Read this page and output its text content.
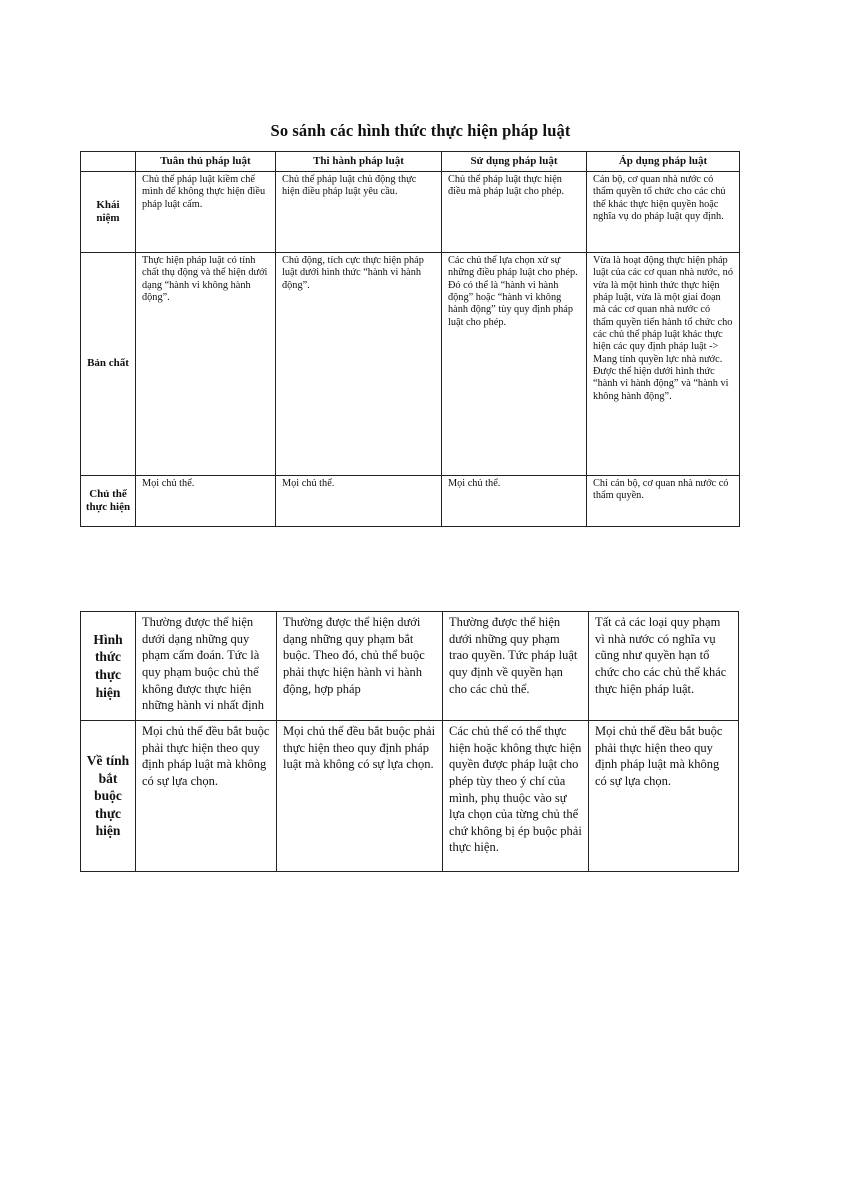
So sánh các hình thức thực hiện pháp luật
	Tuân thủ pháp luật	Thi hành pháp luật	Sử dụng pháp luật	Áp dụng pháp luật
Khái niệm	Chủ thể pháp luật kiềm chế mình để không thực hiện điều pháp luật cấm.	Chủ thể pháp luật chủ động thực hiện điều pháp luật yêu cầu.	Chủ thể pháp luật thực hiện điều mà pháp luật cho phép.	Cán bộ, cơ quan nhà nước có thẩm quyền tổ chức cho các chủ thể khác thực hiện quyền hoặc nghĩa vụ do pháp luật quy định.
Bản chất	Thực hiện pháp luật có tính chất thụ động và thể hiện dưới dạng “hành vi không hành động”.	Chủ động, tích cực thực hiện pháp luật dưới hình thức “hành vi hành động”.	Các chủ thể lựa chọn xử sự những điều pháp luật cho phép. Đó có thể là “hành vi hành động” hoặc “hành vi không hành động” tùy quy định pháp luật cho phép.	Vừa là hoạt động thực hiện pháp luật của các cơ quan nhà nước, nó vừa là một hình thức thực hiện pháp luật, vừa là một giai đoạn mà các cơ quan nhà nước có thẩm quyền tiến hành tổ chức cho các chủ thể pháp luật khác thực hiện các quy định pháp luật -> Mang tính quyền lực nhà nước. Được thể hiện dưới hình thức “hành vi hành động” và “hành vi không hành động”.
Chủ thể thực hiện	Mọi chủ thể.	Mọi chủ thể.	Mọi chủ thể.	Chỉ cán bộ, cơ quan nhà nước có thẩm quyền.
Hình thức thực hiện	Thường được thể hiện dưới dạng những quy phạm cấm đoán. Tức là quy phạm buộc chủ thể không được thực hiện những hành vi nhất định	Thường được thể hiện dưới dạng những quy phạm bắt buộc. Theo đó, chủ thể buộc phải thực hiện hành vi hành động, hợp pháp	Thường được thể hiện dưới những quy phạm trao quyền. Tức pháp luật quy định về quyền hạn cho các chủ thể.	Tất cả các loại quy phạm vì nhà nước có nghĩa vụ cũng như quyền hạn tổ chức cho các chủ thể khác thực hiện pháp luật.
Về tính bắt buộc thực hiện	Mọi chủ thể đều bắt buộc phải thực hiện theo quy định pháp luật mà không có sự lựa chọn.	Mọi chủ thể đều bắt buộc phải thực hiện theo quy định pháp luật mà không có sự lựa chọn.	Các chủ thể có thể thực hiện hoặc không thực hiện quyền được pháp luật cho phép tùy theo ý chí của mình, phụ thuộc vào sự lựa chọn của từng chủ thể chứ không bị ép buộc phải thực hiện.	Mọi chủ thể đều bắt buộc phải thực hiện theo quy định pháp luật mà không có sự lựa chọn.
